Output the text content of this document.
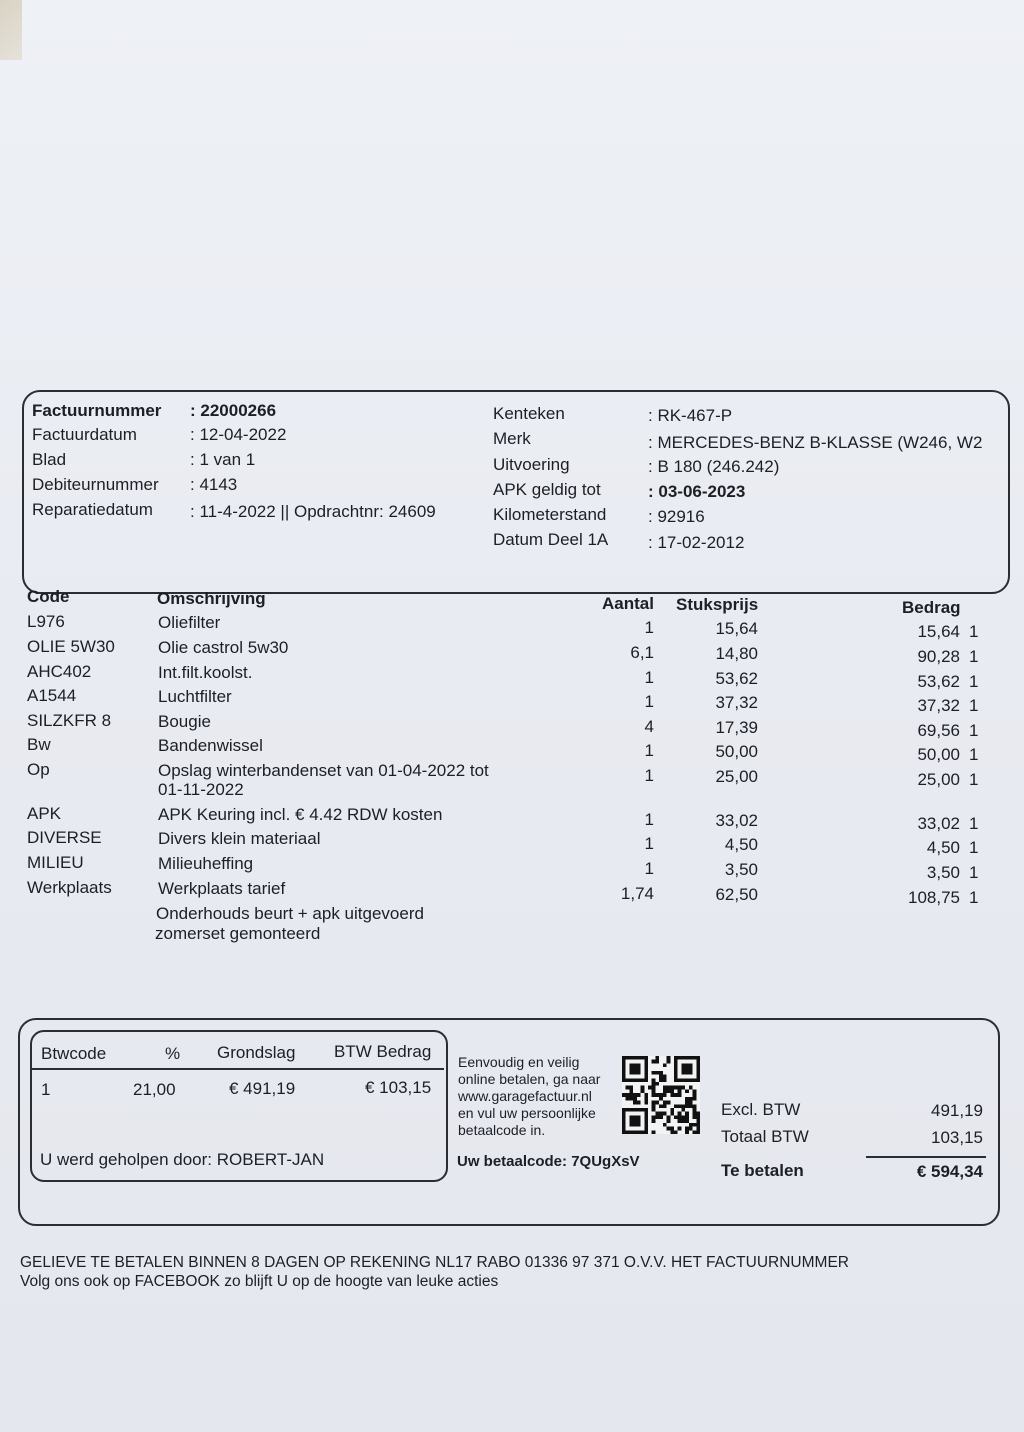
Factuurnummer : 22000266
Factuurdatum	: 12-04-2022
Blad	: 1 van 1
Debiteurnummer : 4143
Reparatiedatum : 11-4-2022 || Opdrachtnr: 24609
Kenteken	: RK-467-P
Merk	: MERCEDES-BENZ B-KLASSE (W246, W2
Uitvoering	: B 180 (246.242)
APK geldig tot	: 03-06-2023
Kilometerstand : 92916
Datum Deel 1A : 17-02-2012
Code	Omschrijving	Aantal Stuksprijs	Bedrag
L976	Oliefilter	1	15,64	15,64 1
OLIE 5W30	Olie castrol 5w30	6,1	14,80	90,28 1
AHC402	Int.filt.koolst.	1	53,62	53,62 1
A1544	Luchtfilter	1	37,32	37,32 1
SILZKFR 8	Bougie	4	17,39	69,56 1
Bw	Bandenwissel	1	50,00	50,00 1
Op	Opslag winterbandenset van 01-04-2022 tot
01-11-2022
1	25,00	25,00 1
APK	APK Keuring incl. € 4.42 RDW kosten	1	33,02	33,02 1
DIVERSE	Divers klein materiaal	1	4,50	4,50 1
MILIEU	Milieuheffing	1	3,50	3,50 1
Werkplaats	Werkplaats tarief	1,74	62,50	108,75 1
Onderhouds beurt + apk uitgevoerd
zomerset gemonteerd
Btwcode	% Grondslag BTW Bedrag
1	21,00	€ 491,19	€ 103,15
U werd geholpen door: ROBERT-JAN
Eenvoudig en veilig
online betalen, ga naar
www.garagefactuur.nl
en vul uw persoonlijke
betaalcode in.
Uw betaalcode: 7QUgXsV
Excl. BTW	491,19
Totaal BTW	103,15
Te betalen	€ 594,34
GELIEVE TE BETALEN BINNEN 8 DAGEN OP REKENING NL17 RABO 01336 97 371 O.V.V. HET FACTUURNUMMER
Volg ons ook op FACEBOOK zo blijft U op de hoogte van leuke acties
